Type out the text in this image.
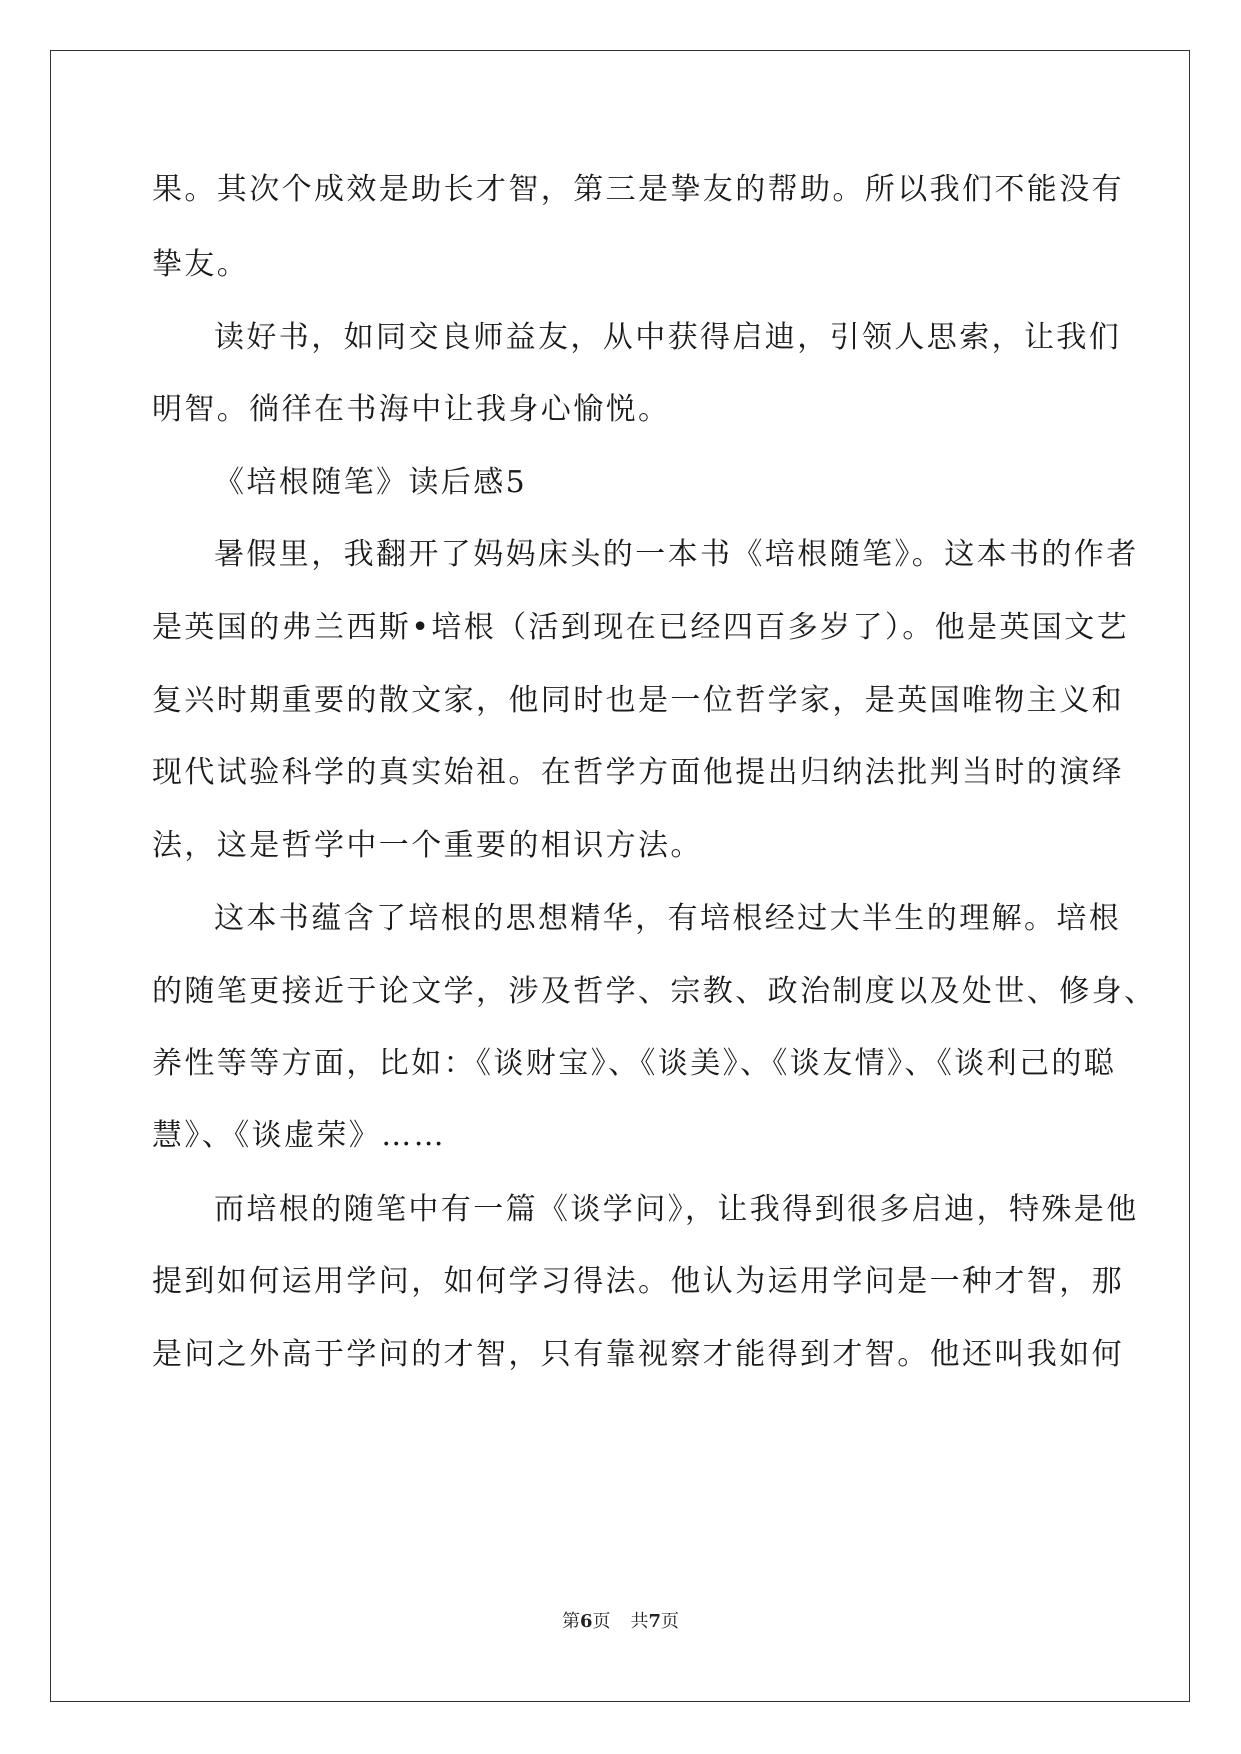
果。其次个成效是助长才智，第三是挚友的帮助。所以我们不能没有
挚友。
读好书，如同交良师益友，从中获得启迪，引领人思索，让我们
明智。徜徉在书海中让我身心愉悦。
《培根随笔》读后感5
暑假里，我翻开了妈妈床头的一本书《培根随笔》。这本书的作者
是英国的弗兰西斯•培根（活到现在已经四百多岁了）。他是英国文艺
复兴时期重要的散文家，他同时也是一位哲学家，是英国唯物主义和
现代试验科学的真实始祖。在哲学方面他提出归纳法批判当时的演绎
法，这是哲学中一个重要的相识方法。
这本书蕴含了培根的思想精华，有培根经过大半生的理解。培根
的随笔更接近于论文学，涉及哲学、宗教、政治制度以及处世、修身、
养性等等方面，比如：《谈财宝》、《谈美》、《谈友情》、《谈利己的聪
慧》、《谈虚荣》……
而培根的随笔中有一篇《谈学问》，让我得到很多启迪，特殊是他
提到如何运用学问，如何学习得法。他认为运用学问是一种才智，那
是问之外高于学问的才智，只有靠视察才能得到才智。他还叫我如何
第6页 共7页
